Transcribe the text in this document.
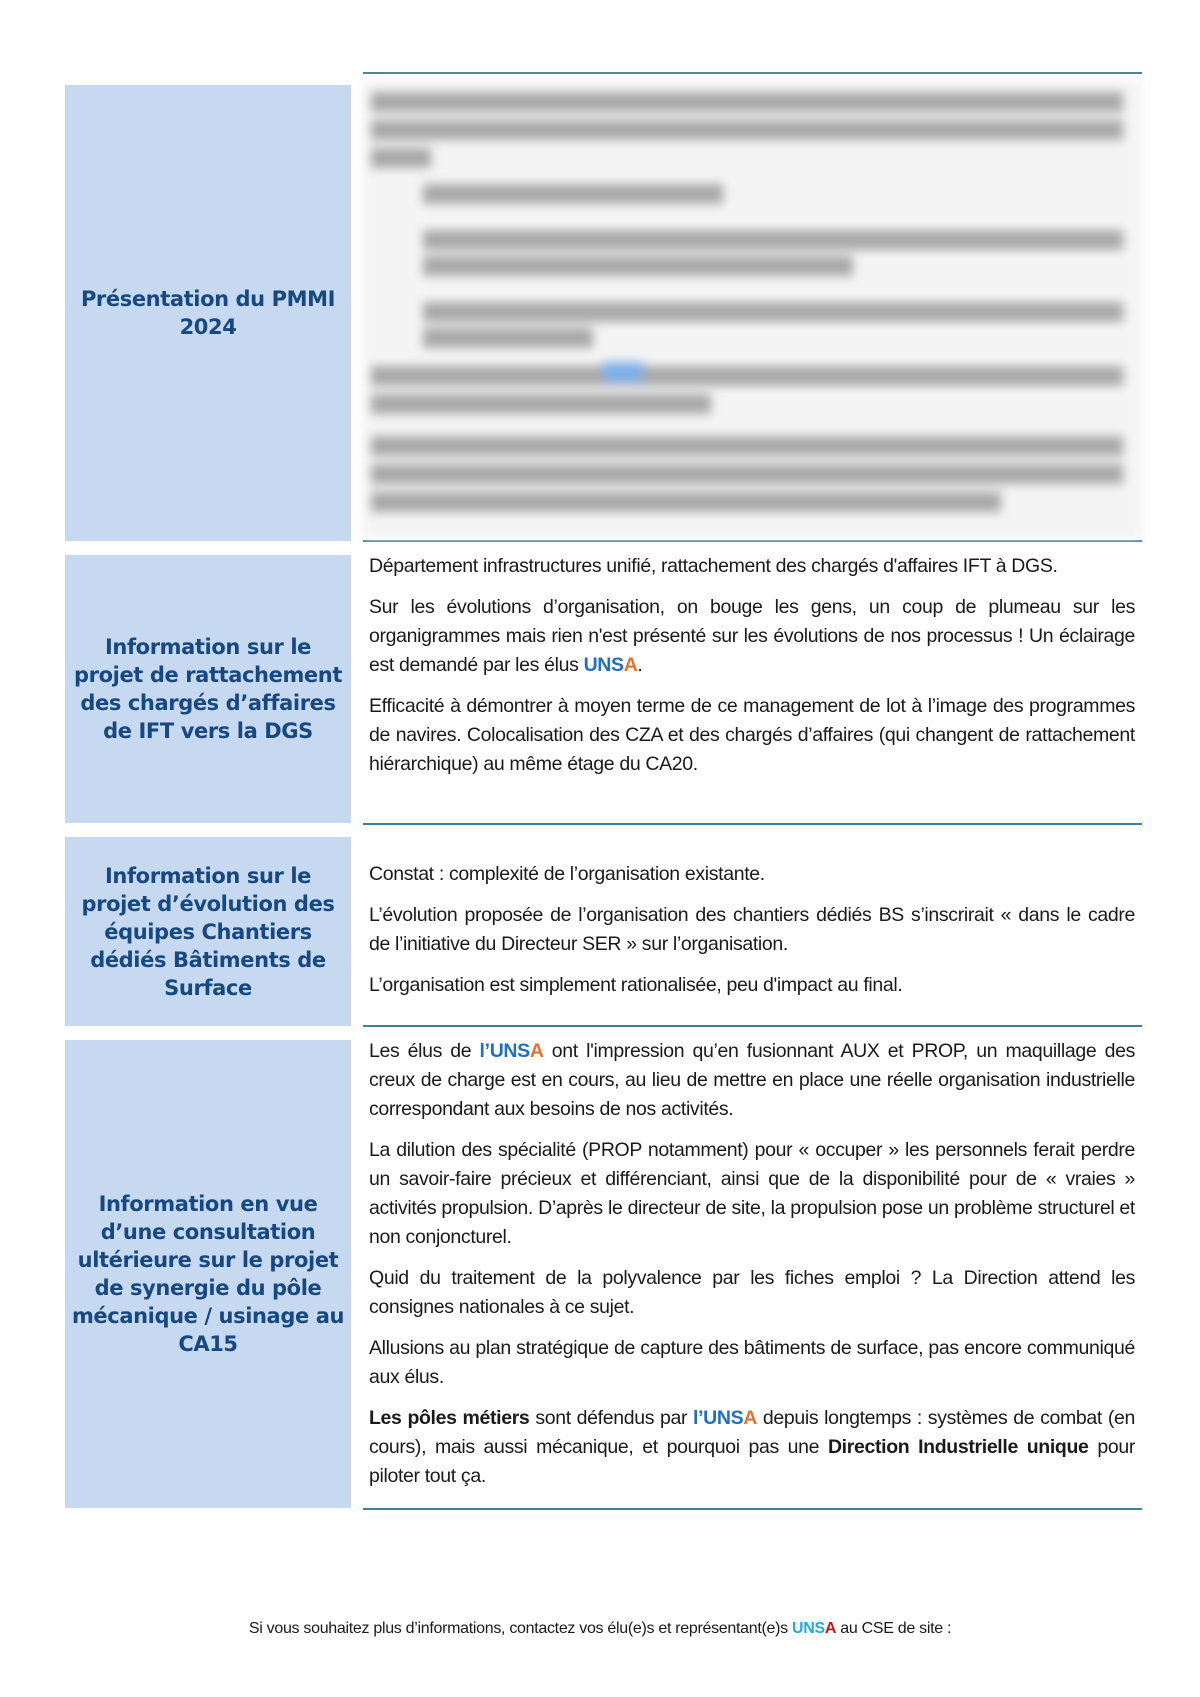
Présentation du PMMI 2024
Information sur le projet de rattachement des chargés d’affaires de IFT vers la DGS

Département infrastructures unifié, rattachement des chargés d'affaires IFT à DGS.

Sur les évolutions d’organisation, on bouge les gens, un coup de plumeau sur les organigrammes mais rien n'est présenté sur les évolutions de nos processus ! Un éclairage est demandé par les élus UNSA.

Efficacité à démontrer à moyen terme de ce management de lot à l’image des programmes de navires. Colocalisation des CZA et des chargés d’affaires (qui changent de rattachement hiérarchique) au même étage du CA20.

Information sur le projet d’évolution des équipes Chantiers dédiés Bâtiments de Surface

Constat : complexité de l’organisation existante.

L’évolution proposée de l’organisation des chantiers dédiés BS s’inscrirait « dans le cadre de l’initiative du Directeur SER » sur l’organisation.

L’organisation est simplement rationalisée, peu d'impact au final.

Information en vue d’une consultation ultérieure sur le projet de synergie du pôle mécanique / usinage au CA15

Les élus de l’UNSA ont l'impression qu’en fusionnant AUX et PROP, un maquillage des creux de charge est en cours, au lieu de mettre en place une réelle organisation industrielle correspondant aux besoins de nos activités.

La dilution des spécialité (PROP notamment) pour « occuper » les personnels ferait perdre un savoir-faire précieux et différenciant, ainsi que de la disponibilité pour de « vraies » activités propulsion. D’après le directeur de site, la propulsion pose un problème structurel et non conjoncturel.

Quid du traitement de la polyvalence par les fiches emploi ? La Direction attend les consignes nationales à ce sujet.

Allusions au plan stratégique de capture des bâtiments de surface, pas encore communiqué aux élus.

Les pôles métiers sont défendus par l’UNSA depuis longtemps : systèmes de combat (en cours), mais aussi mécanique, et pourquoi pas une Direction Industrielle unique pour piloter tout ça.

Si vous souhaitez plus d’informations, contactez vos élu(e)s et représentant(e)s UNSA au CSE de site :
